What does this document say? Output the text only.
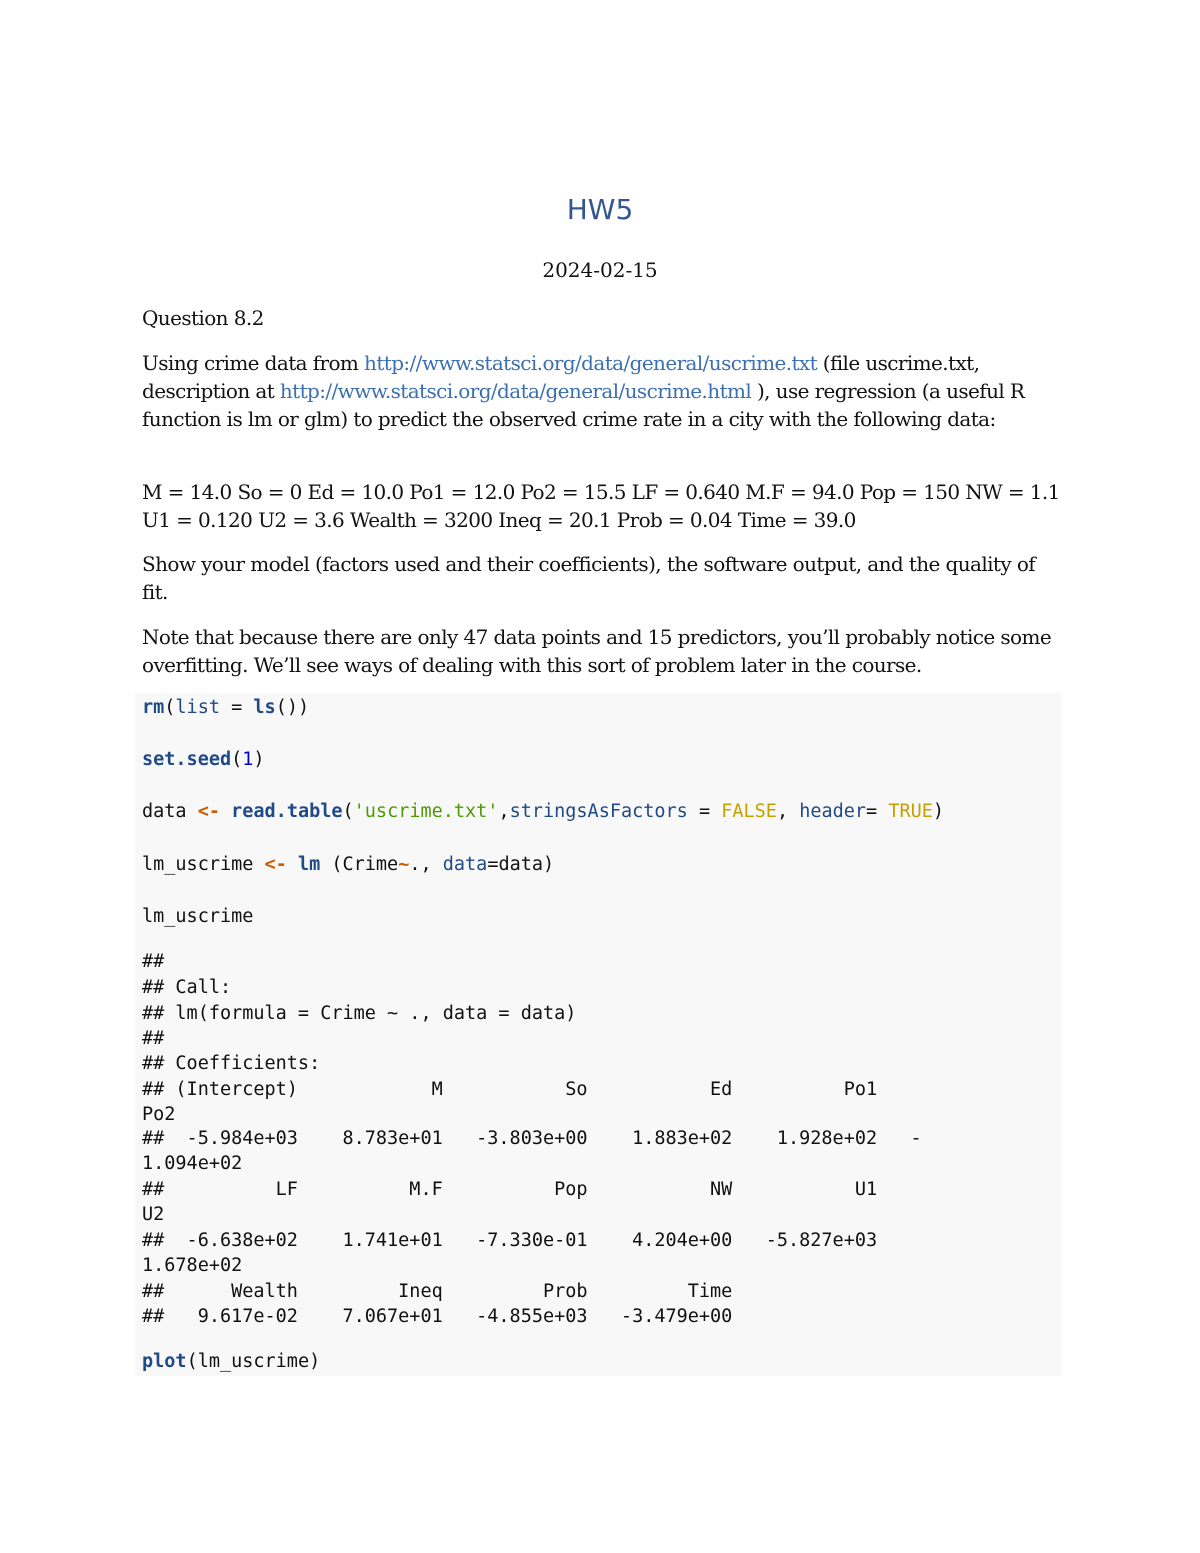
HW5
2024-02-15

Question 8.2

Using crime data from http://www.statsci.org/data/general/uscrime.txt (file uscrime.txt, description at http://www.statsci.org/data/general/uscrime.html ), use regression (a useful R function is lm or glm) to predict the observed crime rate in a city with the following data:

M = 14.0 So = 0 Ed = 10.0 Po1 = 12.0 Po2 = 15.5 LF = 0.640 M.F = 94.0 Pop = 150 NW = 1.1 U1 = 0.120 U2 = 3.6 Wealth = 3200 Ineq = 20.1 Prob = 0.04 Time = 39.0

Show your model (factors used and their coefficients), the software output, and the quality of fit.

Note that because there are only 47 data points and 15 predictors, you’ll probably notice some overfitting. We’ll see ways of dealing with this sort of problem later in the course.

rm(list = ls())
set.seed(1)
data <- read.table('uscrime.txt',stringsAsFactors = FALSE, header= TRUE)
lm_uscrime <- lm (Crime~., data=data)
lm_uscrime
##
## Call:
## lm(formula = Crime ~ ., data = data)
##
## Coefficients:
## (Intercept)            M           So           Ed          Po1
Po2
##  -5.984e+03    8.783e+01   -3.803e+00    1.883e+02    1.928e+02   -
1.094e+02
##          LF          M.F          Pop           NW           U1
U2
##  -6.638e+02    1.741e+01   -7.330e-01    4.204e+00   -5.827e+03
1.678e+02
##      Wealth         Ineq         Prob         Time
##   9.617e-02    7.067e+01   -4.855e+03   -3.479e+00
plot(lm_uscrime)
